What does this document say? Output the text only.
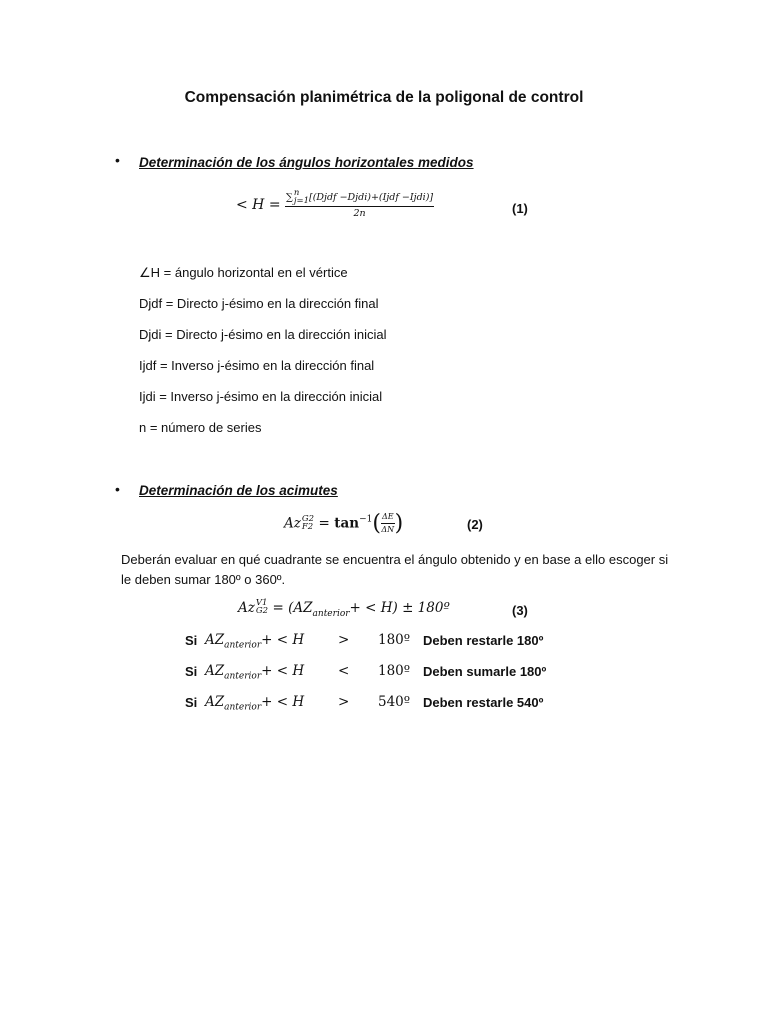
Compensación planimétrica de la poligonal de control
• Determinación de los ángulos horizontales medidos
< H = ∑ n
j=1 [(Djdf −Djdi)+(Ijdf −Ijdi)]
2n	(1)
∠H = ángulo horizontal en el vértice
Djdf = Directo j-ésimo en la dirección final
Djdi = Directo j-ésimo en la dirección inicial
Ijdf = Inverso j-ésimo en la dirección final
Ijdi = Inverso j-ésimo en la dirección inicial
n = número de series
• Determinación de los acimutes
Az G2
$F2 = \tan^{-1}( \frac{\Delta E}{\Delta N}$ )	(2)
Deberán evaluar en qué cuadrante se encuentra el ángulo obtenido y en base a ello escoger si
le deben sumar 180º o 360º.
Az V1
$G2 = (AZ_{anterior}+ < H)$ ± 180º	(3)
Si $AZ_{anterior}+ < H$	> 180º Deben restarle 180º
Si $AZ_{anterior}+ < H$	< 180º Deben sumarle 180º
Si $AZ_{anterior}+ < H$	> 540º Deben restarle 540º
